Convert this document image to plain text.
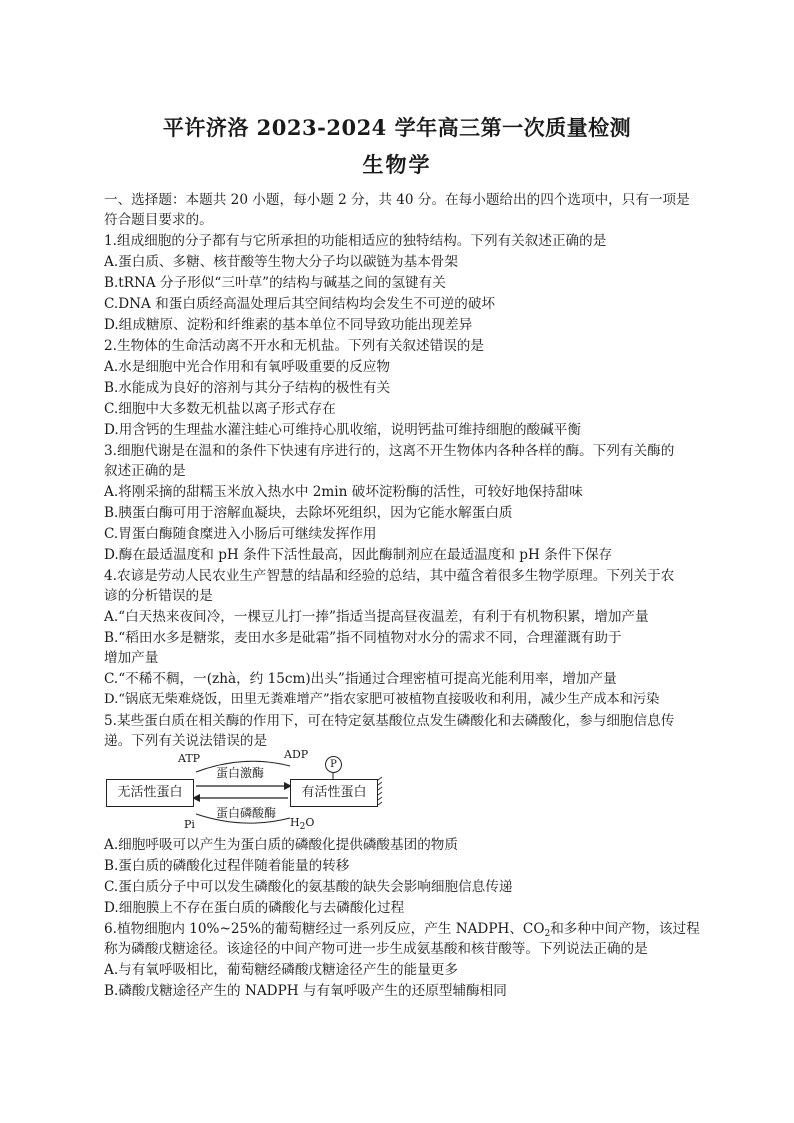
平许济洛 2023-2024 学年高三第一次质量检测
生物学
一、选择题：本题共 20 小题，每小题 2 分，共 40 分。在每小题给出的四个选项中，只有一项是
符合题目要求的。
1.组成细胞的分子都有与它所承担的功能相适应的独特结构。下列有关叙述正确的是
A.蛋白质、多糖、核苷酸等生物大分子均以碳链为基本骨架
B.tRNA 分子形似“三叶草”的结构与碱基之间的氢键有关
C.DNA 和蛋白质经高温处理后其空间结构均会发生不可逆的破坏
D.组成糖原、淀粉和纤维素的基本单位不同导致功能出现差异
2.生物体的生命活动离不开水和无机盐。下列有关叙述错误的是
A.水是细胞中光合作用和有氧呼吸重要的反应物
B.水能成为良好的溶剂与其分子结构的极性有关
C.细胞中大多数无机盐以离子形式存在
D.用含钙的生理盐水灌注蛙心可维持心肌收缩，说明钙盐可维持细胞的酸碱平衡
3.细胞代谢是在温和的条件下快速有序进行的，这离不开生物体内各种各样的酶。下列有关酶的
叙述正确的是
A.将刚采摘的甜糯玉米放入热水中 2min 破坏淀粉酶的活性，可较好地保持甜味
B.胰蛋白酶可用于溶解血凝块，去除坏死组织，因为它能水解蛋白质
C.胃蛋白酶随食糜进入小肠后可继续发挥作用
D.酶在最适温度和 pH 条件下活性最高，因此酶制剂应在最适温度和 pH 条件下保存
4.农谚是劳动人民农业生产智慧的结晶和经验的总结，其中蕴含着很多生物学原理。下列关于农
谚的分析错误的是
A.“白天热来夜间冷，一棵豆儿打一捧”指适当提高昼夜温差，有利于有机物积累，增加产量
B.“稻田水多是糖浆，麦田水多是砒霜”指不同植物对水分的需求不同，合理灌溉有助于
增加产量
C.“不稀不稠，一(zhà，约 15cm)出头”指通过合理密植可提高光能利用率，增加产量
D.“锅底无柴难烧饭，田里无粪难增产”指农家肥可被植物直接吸收和利用，减少生产成本和污染
5.某些蛋白质在相关酶的作用下，可在特定氨基酸位点发生磷酸化和去磷酸化，参与细胞信息传
递。下列有关说法错误的是
ATP	ADP
蛋白激酶
P
无活性蛋白	有活性蛋白
蛋白磷酸酶
Pi	$H_2O$
A.细胞呼吸可以产生为蛋白质的磷酸化提供磷酸基团的物质
B.蛋白质的磷酸化过程伴随着能量的转移
C.蛋白质分子中可以发生磷酸化的氨基酸的缺失会影响细胞信息传递
D.细胞膜上不存在蛋白质的磷酸化与去磷酸化过程
6.植物细胞内 10%~25%的葡萄糖经过一系列反应，产生 NADPH、$CO_2$和多种中间产物，该过程
称为磷酸戊糖途径。该途径的中间产物可进一步生成氨基酸和核苷酸等。下列说法正确的是
A.与有氧呼吸相比，葡萄糖经磷酸戊糖途径产生的能量更多
B.磷酸戊糖途径产生的 NADPH 与有氧呼吸产生的还原型辅酶相同
